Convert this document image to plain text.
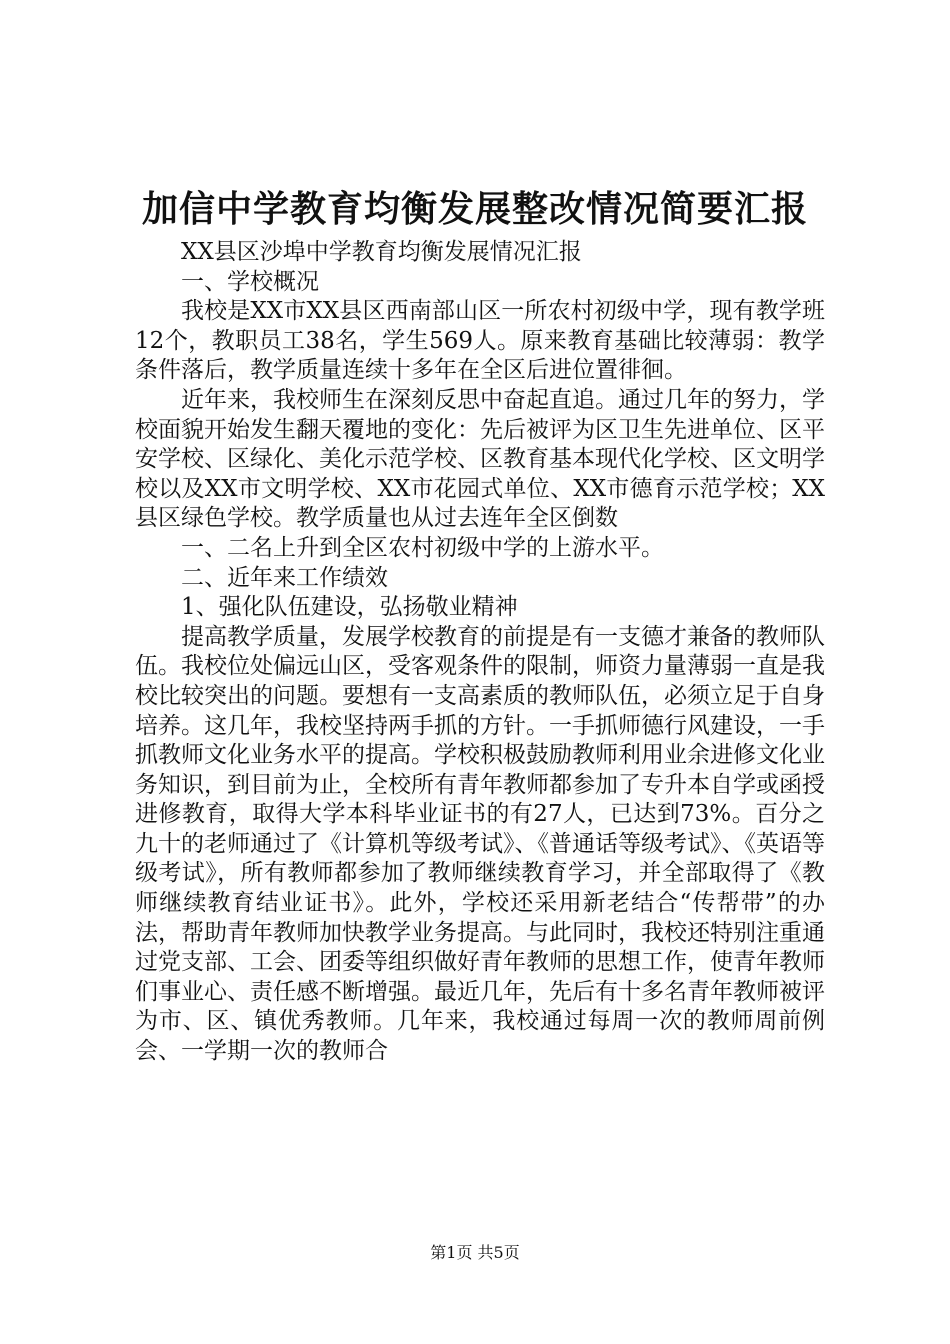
加信中学教育均衡发展整改情况简要汇报

XX县区沙埠中学教育均衡发展情况汇报

一、学校概况

我校是XX市XX县区西南部山区一所农村初级中学，现有教学班12个，教职员工38名，学生569人。原来教育基础比较薄弱：教学条件落后，教学质量连续十多年在全区后进位置徘徊。

近年来，我校师生在深刻反思中奋起直追。通过几年的努力，学校面貌开始发生翻天覆地的变化：先后被评为区卫生先进单位、区平安学校、区绿化、美化示范学校、区教育基本现代化学校、区文明学校以及XX市文明学校、XX市花园式单位、XX市德育示范学校；XX县区绿色学校。教学质量也从过去连年全区倒数

一、二名上升到全区农村初级中学的上游水平。

二、近年来工作绩效

1、强化队伍建设，弘扬敬业精神

提高教学质量，发展学校教育的前提是有一支德才兼备的教师队伍。我校位处偏远山区，受客观条件的限制，师资力量薄弱一直是我校比较突出的问题。要想有一支高素质的教师队伍，必须立足于自身培养。这几年，我校坚持两手抓的方针。一手抓师德行风建设，一手抓教师文化业务水平的提高。学校积极鼓励教师利用业余进修文化业务知识，到目前为止，全校所有青年教师都参加了专升本自学或函授进修教育，取得大学本科毕业证书的有27人，已达到73%。百分之九十的老师通过了《计算机等级考试》、《普通话等级考试》、《英语等级考试》，所有教师都参加了教师继续教育学习，并全部取得了《教师继续教育结业证书》。此外，学校还采用新老结合“传帮带”的办法，帮助青年教师加快教学业务提高。与此同时，我校还特别注重通过党支部、工会、团委等组织做好青年教师的思想工作，使青年教师们事业心、责任感不断增强。最近几年，先后有十多名青年教师被评为市、区、镇优秀教师。几年来，我校通过每周一次的教师周前例会、一学期一次的教师合

第1页 共5页
